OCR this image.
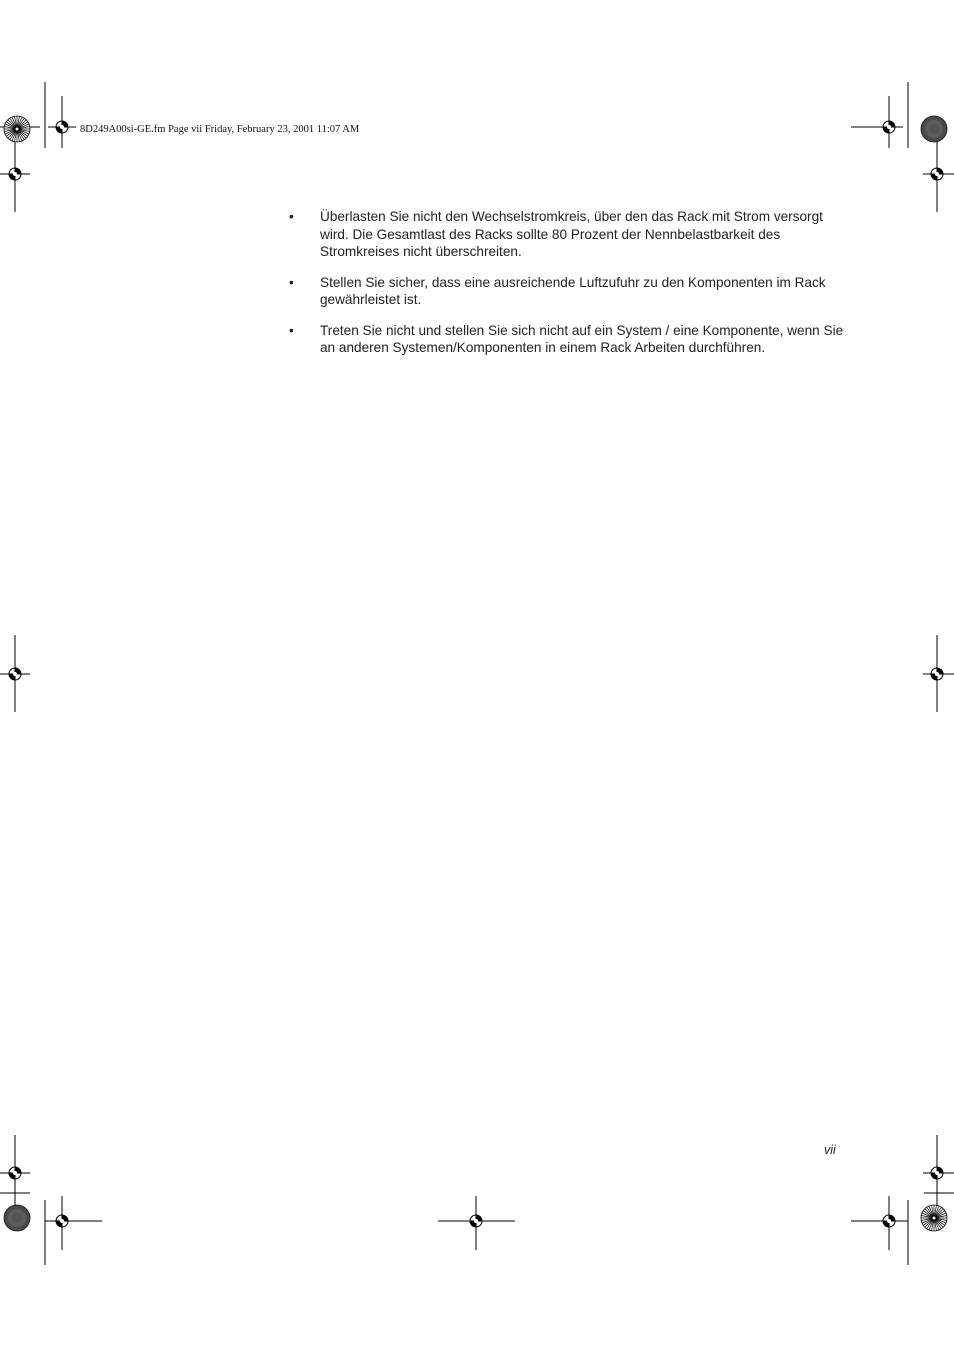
8D249A00si-GE.fm Page vii Friday, February 23, 2001 11:07 AM
• Überlasten Sie nicht den Wechselstromkreis, über den das Rack mit Strom versorgt wird. Die Gesamtlast des Racks sollte 80 Prozent der Nennbelastbarkeit des Stromkreises nicht überschreiten.
• Stellen Sie sicher, dass eine ausreichende Luftzufuhr zu den Komponenten im Rack gewährleistet ist.
• Treten Sie nicht und stellen Sie sich nicht auf ein System / eine Komponente, wenn Sie an anderen Systemen/Komponenten in einem Rack Arbeiten durchführen.
vii
